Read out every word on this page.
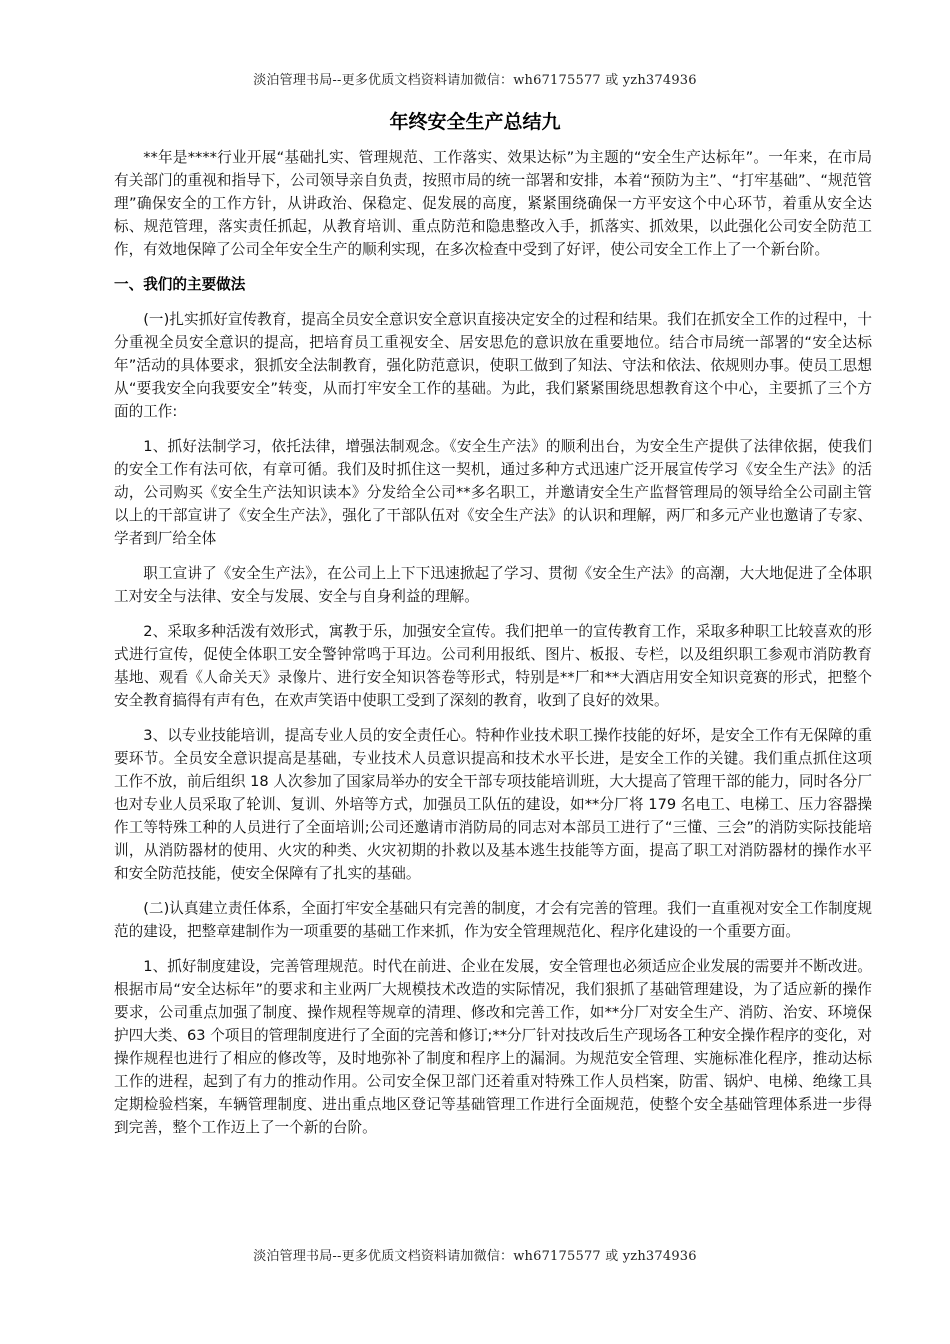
淡泊管理书局--更多优质文档资料请加微信：wh67175577 或 yzh374936
年终安全生产总结九

**年是****行业开展“基础扎实、管理规范、工作落实、效果达标”为主题的“安全生产达标年”。一年来，在市局有关部门的重视和指导下，公司领导亲自负责，按照市局的统一部署和安排，本着“预防为主”、“打牢基础”、“规范管理”确保安全的工作方针，从讲政治、保稳定、促发展的高度，紧紧围绕确保一方平安这个中心环节，着重从安全达标、规范管理，落实责任抓起，从教育培训、重点防范和隐患整改入手，抓落实、抓效果，以此强化公司安全防范工作，有效地保障了公司全年安全生产的顺利实现，在多次检查中受到了好评，使公司安全工作上了一个新台阶。

一、我们的主要做法

(一)扎实抓好宣传教育，提高全员安全意识安全意识直接决定安全的过程和结果。我们在抓安全工作的过程中，十分重视全员安全意识的提高，把培育员工重视安全、居安思危的意识放在重要地位。结合市局统一部署的“安全达标年”活动的具体要求，狠抓安全法制教育，强化防范意识，使职工做到了知法、守法和依法、依规则办事。使员工思想从“要我安全向我要安全”转变，从而打牢安全工作的基础。为此，我们紧紧围绕思想教育这个中心，主要抓了三个方面的工作:

1、抓好法制学习，依托法律，增强法制观念。《安全生产法》的顺利出台，为安全生产提供了法律依据，使我们的安全工作有法可依，有章可循。我们及时抓住这一契机，通过多种方式迅速广泛开展宣传学习《安全生产法》的活动，公司购买《安全生产法知识读本》分发给全公司**多名职工，并邀请安全生产监督管理局的领导给全公司副主管以上的干部宣讲了《安全生产法》，强化了干部队伍对《安全生产法》的认识和理解，两厂和多元产业也邀请了专家、学者到厂给全体

职工宣讲了《安全生产法》，在公司上上下下迅速掀起了学习、贯彻《安全生产法》的高潮，大大地促进了全体职工对安全与法律、安全与发展、安全与自身利益的理解。

2、采取多种活泼有效形式，寓教于乐，加强安全宣传。我们把单一的宣传教育工作，采取多种职工比较喜欢的形式进行宣传，促使全体职工安全警钟常鸣于耳边。公司利用报纸、图片、板报、专栏，以及组织职工参观市消防教育基地、观看《人命关天》录像片、进行安全知识答卷等形式，特别是**厂和**大酒店用安全知识竞赛的形式，把整个安全教育搞得有声有色，在欢声笑语中使职工受到了深刻的教育，收到了良好的效果。

3、以专业技能培训，提高专业人员的安全责任心。特种作业技术职工操作技能的好坏，是安全工作有无保障的重要环节。全员安全意识提高是基础，专业技术人员意识提高和技术水平长进，是安全工作的关键。我们重点抓住这项工作不放，前后组织 18 人次参加了国家局举办的安全干部专项技能培训班，大大提高了管理干部的能力，同时各分厂也对专业人员采取了轮训、复训、外培等方式，加强员工队伍的建设，如**分厂将 179 名电工、电梯工、压力容器操作工等特殊工种的人员进行了全面培训;公司还邀请市消防局的同志对本部员工进行了“三懂、三会”的消防实际技能培训，从消防器材的使用、火灾的种类、火灾初期的扑救以及基本逃生技能等方面，提高了职工对消防器材的操作水平和安全防范技能，使安全保障有了扎实的基础。

(二)认真建立责任体系，全面打牢安全基础只有完善的制度，才会有完善的管理。我们一直重视对安全工作制度规范的建设，把整章建制作为一项重要的基础工作来抓，作为安全管理规范化、程序化建设的一个重要方面。

1、抓好制度建设，完善管理规范。时代在前进、企业在发展，安全管理也必须适应企业发展的需要并不断改进。根据市局“安全达标年”的要求和主业两厂大规模技术改造的实际情况，我们狠抓了基础管理建设，为了适应新的操作要求，公司重点加强了制度、操作规程等规章的清理、修改和完善工作，如**分厂对安全生产、消防、治安、环境保护四大类、63 个项目的管理制度进行了全面的完善和修订;**分厂针对技改后生产现场各工种安全操作程序的变化，对操作规程也进行了相应的修改等，及时地弥补了制度和程序上的漏洞。为规范安全管理、实施标准化程序，推动达标工作的进程，起到了有力的推动作用。公司安全保卫部门还着重对特殊工作人员档案，防雷、锅炉、电梯、绝缘工具定期检验档案，车辆管理制度、进出重点地区登记等基础管理工作进行全面规范，使整个安全基础管理体系进一步得到完善，整个工作迈上了一个新的台阶。

淡泊管理书局--更多优质文档资料请加微信：wh67175577 或 yzh374936
